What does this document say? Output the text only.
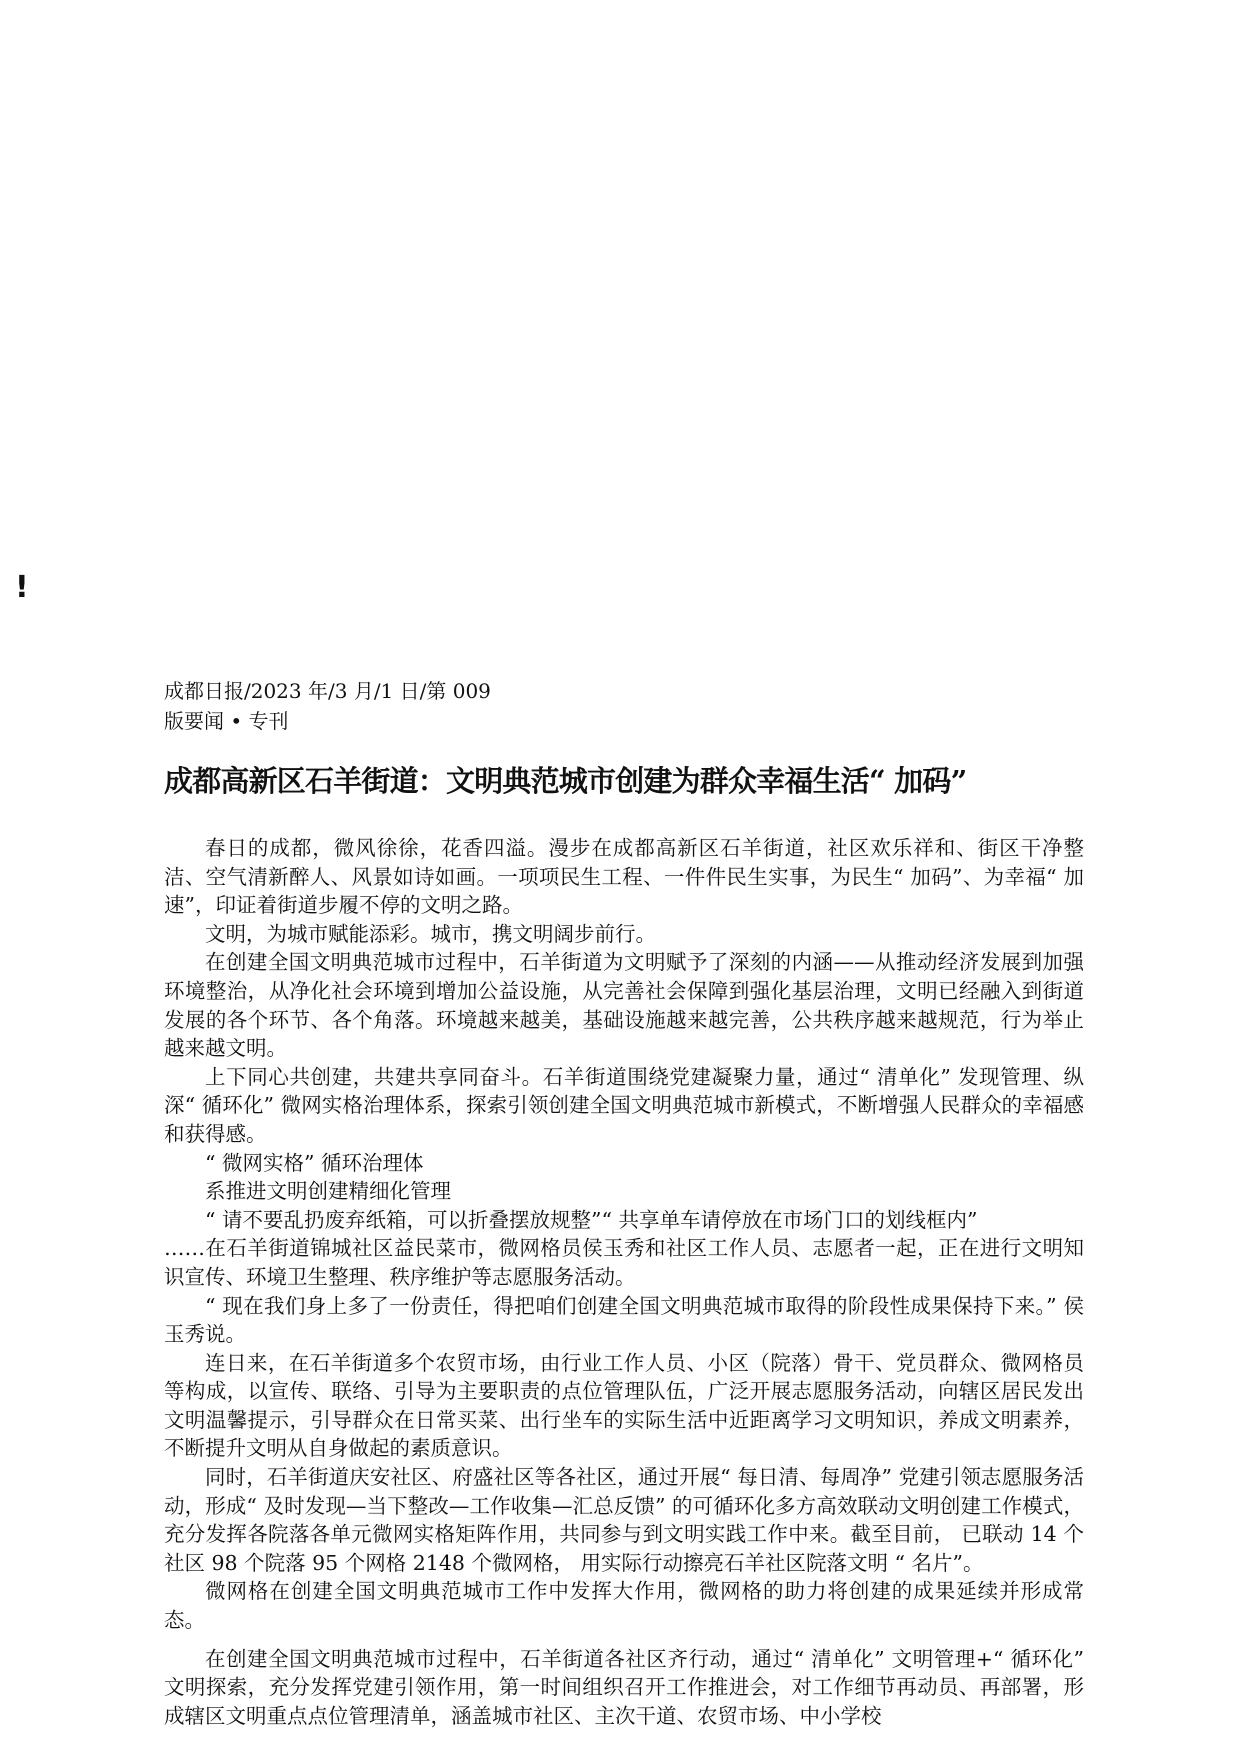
!
成都日报/2023 年/3 月/1 日/第 009
版要闻 • 专刊
成都高新区石羊街道：文明典范城市创建为群众幸福生活“ 加码”

春日的成都，微风徐徐，花香四溢。漫步在成都高新区石羊街道，社区欢乐祥和、街区干净整洁、空气清新醉人、风景如诗如画。一项项民生工程、一件件民生实事，为民生“ 加码”、为幸福“ 加速”，印证着街道步履不停的文明之路。

文明，为城市赋能添彩。城市，携文明阔步前行。

在创建全国文明典范城市过程中，石羊街道为文明赋予了深刻的内涵——从推动经济发展到加强环境整治，从净化社会环境到增加公益设施，从完善社会保障到强化基层治理，文明已经融入到街道发展的各个环节、各个角落。环境越来越美，基础设施越来越完善，公共秩序越来越规范，行为举止越来越文明。

上下同心共创建，共建共享同奋斗。石羊街道围绕党建凝聚力量，通过“ 清单化” 发现管理、纵深“ 循环化” 微网实格治理体系，探索引领创建全国文明典范城市新模式，不断增强人民群众的幸福感和获得感。

“ 微网实格” 循环治理体

系推进文明创建精细化管理

“ 请不要乱扔废弃纸箱，可以折叠摆放规整”“ 共享单车请停放在市场门口的划线框内”

……在石羊街道锦城社区益民菜市，微网格员侯玉秀和社区工作人员、志愿者一起，正在进行文明知识宣传、环境卫生整理、秩序维护等志愿服务活动。

“ 现在我们身上多了一份责任，得把咱们创建全国文明典范城市取得的阶段性成果保持下来。” 侯玉秀说。

连日来，在石羊街道多个农贸市场，由行业工作人员、小区（院落）骨干、党员群众、微网格员等构成，以宣传、联络、引导为主要职责的点位管理队伍，广泛开展志愿服务活动，向辖区居民发出文明温馨提示，引导群众在日常买菜、出行坐车的实际生活中近距离学习文明知识，养成文明素养，不断提升文明从自身做起的素质意识。

同时，石羊街道庆安社区、府盛社区等各社区，通过开展“ 每日清、每周净” 党建引领志愿服务活动，形成“ 及时发现—当下整改—工作收集—汇总反馈” 的可循环化多方高效联动文明创建工作模式，充分发挥各院落各单元微网实格矩阵作用，共同参与到文明实践工作中来。截至目前， 已联动 14 个社区 98 个院落 95 个网格 2148 个微网格， 用实际行动擦亮石羊社区院落文明 “ 名片”。

微网格在创建全国文明典范城市工作中发挥大作用，微网格的助力将创建的成果延续并形成常态。

在创建全国文明典范城市过程中，石羊街道各社区齐行动，通过“ 清单化” 文明管理+“ 循环化” 文明探索，充分发挥党建引领作用，第一时间组织召开工作推进会，对工作细节再动员、再部署，形成辖区文明重点点位管理清单，涵盖城市社区、主次干道、农贸市场、中小学校
